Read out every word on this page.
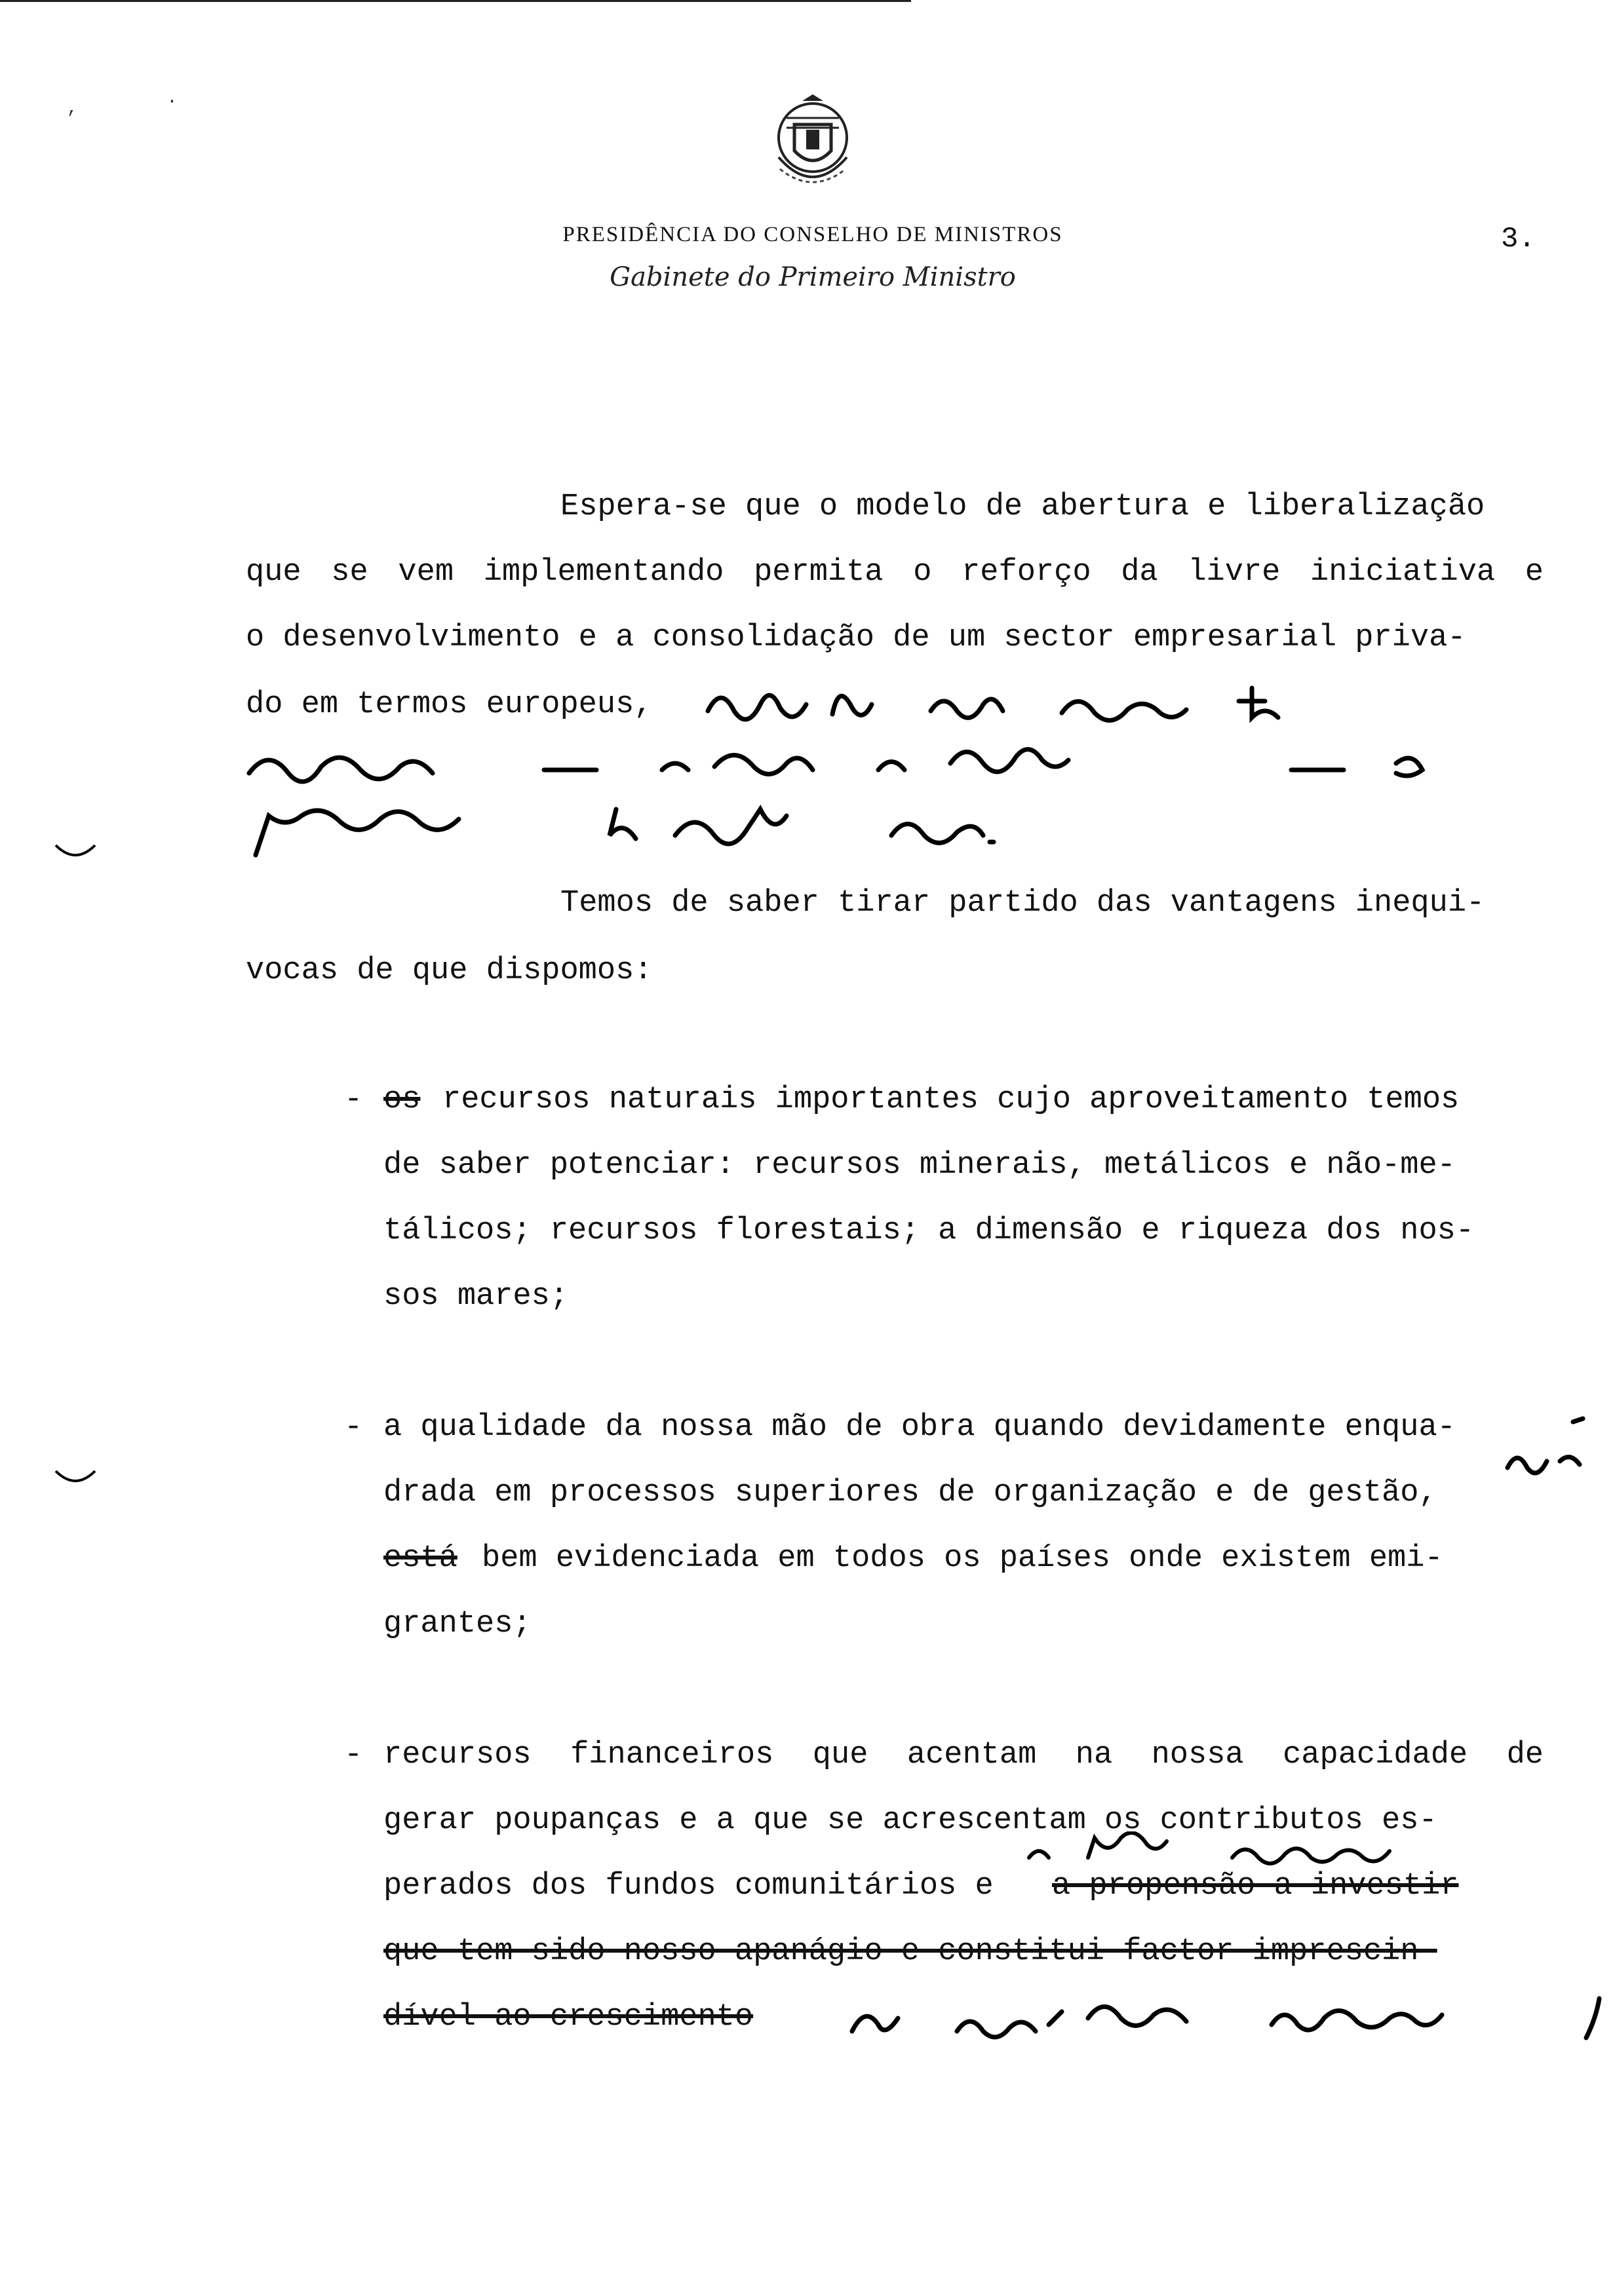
,	·
PRESIDÊNCIA DO CONSELHO DE MINISTROS
Gabinete do Primeiro Ministro
3.
Espera-se que o modelo de abertura e liberalização
que se vem implementando permita o reforço da livre iniciativa e
o desenvolvimento e a consolidação de um sector empresarial priva-
do em termos europeus,
Temos de saber tirar partido das vantagens inequi-
vocas de que dispomos:
- os recursos naturais importantes cujo aproveitamento temos
de saber potenciar: recursos minerais, metálicos e não-me-
tálicos; recursos florestais; a dimensão e riqueza dos nos-
sos mares;
- a qualidade da nossa mão de obra quando devidamente enqua-
drada em processos superiores de organização e de gestão,
está bem evidenciada em todos os países onde existem emi-
grantes;
- recursos financeiros que acentam na nossa capacidade de
gerar poupanças e a que se acrescentam os contributos es-
perados dos fundos comunitários e a propensão a investir
que tem sido nosso apanágio e constitui factor imprescin-
dível ao crescimento
